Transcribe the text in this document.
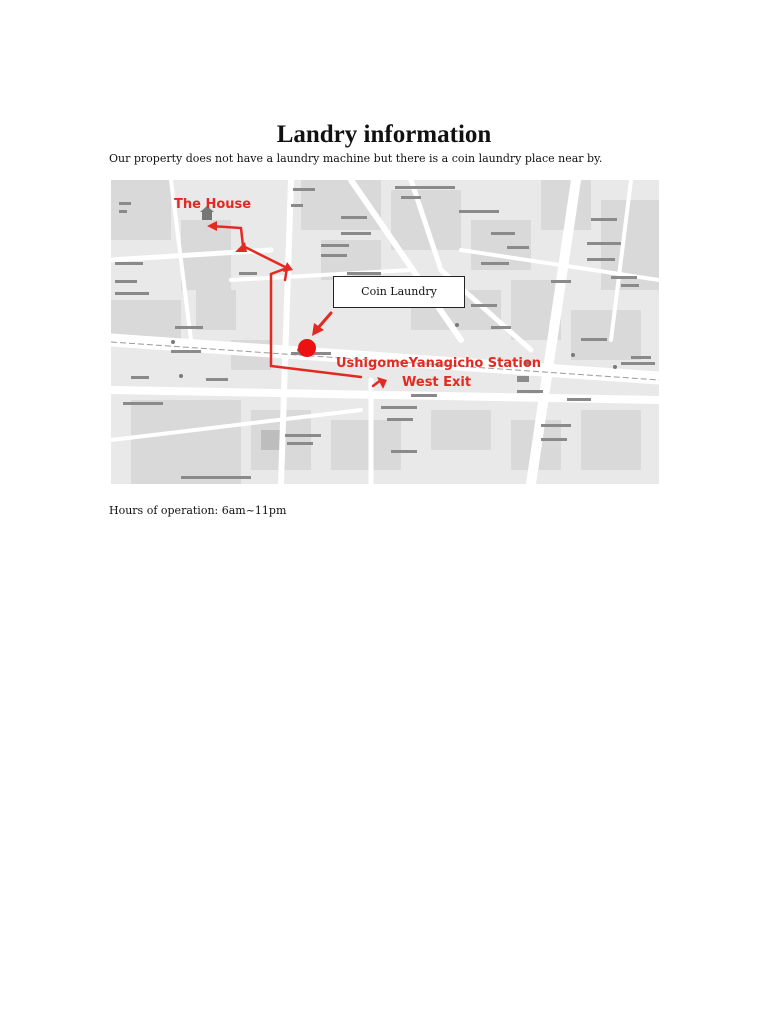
Landry information

Our property does not have a laundry machine but there is a coin laundry place near by.

The House
UshigomeYanagicho Station
West Exit
Coin Laundry

Hours of operation: 6am~11pm
